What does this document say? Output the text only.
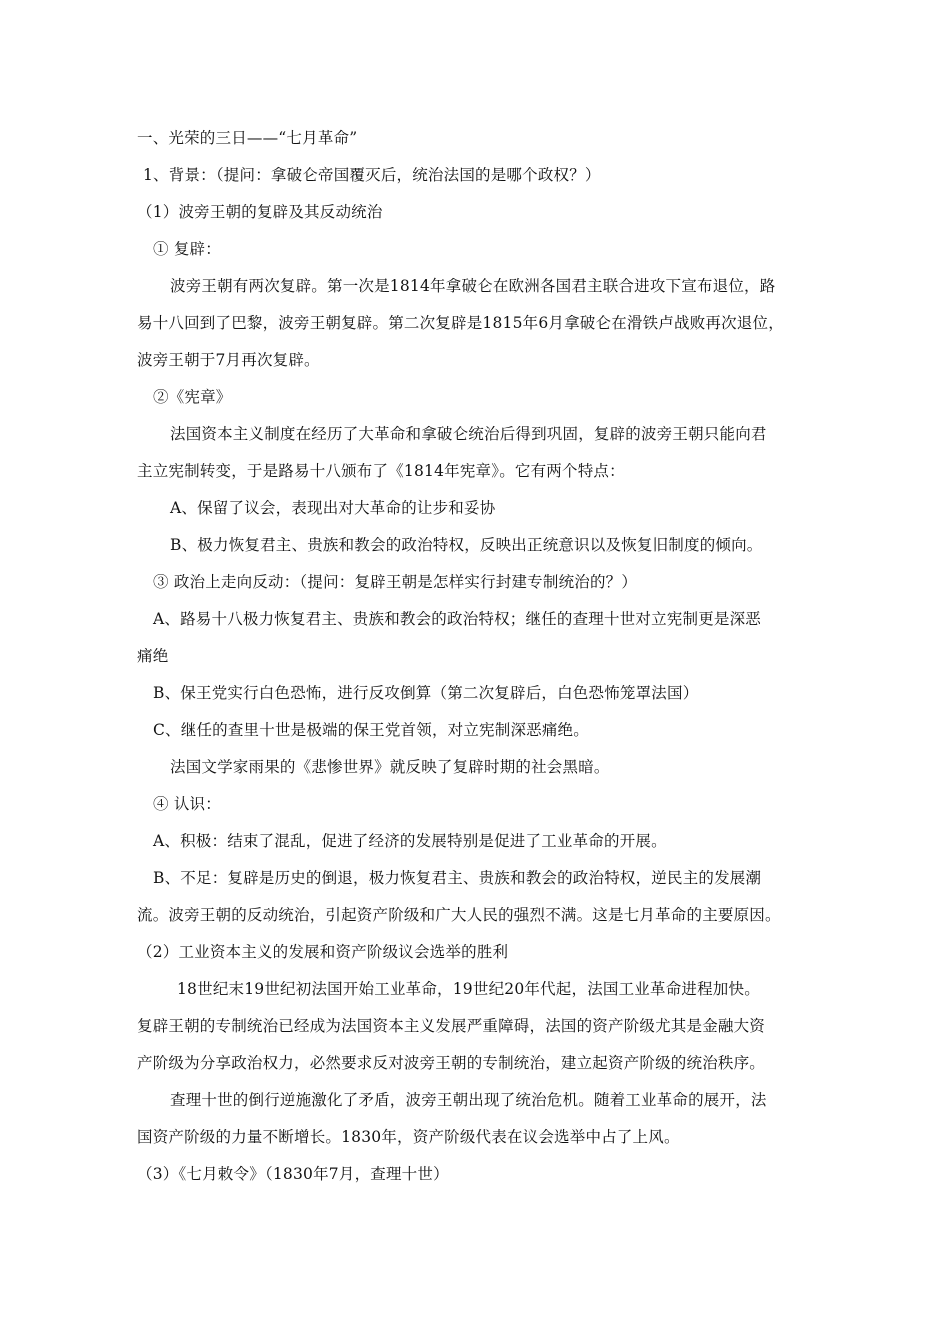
一、光荣的三日——“七月革命”
1、背景：（提问：拿破仑帝国覆灭后，统治法国的是哪个政权？）
（1）波旁王朝的复辟及其反动统治
① 复辟：
波旁王朝有两次复辟。第一次是1814年拿破仑在欧洲各国君主联合进攻下宣布退位，路
易十八回到了巴黎，波旁王朝复辟。第二次复辟是1815年6月拿破仑在滑铁卢战败再次退位，
波旁王朝于7月再次复辟。
②《宪章》
法国资本主义制度在经历了大革命和拿破仑统治后得到巩固，复辟的波旁王朝只能向君
主立宪制转变，于是路易十八颁布了《1814年宪章》。它有两个特点：
A、保留了议会，表现出对大革命的让步和妥协
B、极力恢复君主、贵族和教会的政治特权，反映出正统意识以及恢复旧制度的倾向。
③ 政治上走向反动：（提问：复辟王朝是怎样实行封建专制统治的？）
A、路易十八极力恢复君主、贵族和教会的政治特权；继任的查理十世对立宪制更是深恶
痛绝
B、保王党实行白色恐怖，进行反攻倒算（第二次复辟后，白色恐怖笼罩法国）
C、继任的查里十世是极端的保王党首领，对立宪制深恶痛绝。
法国文学家雨果的《悲惨世界》就反映了复辟时期的社会黑暗。
④ 认识：
A、积极：结束了混乱，促进了经济的发展特别是促进了工业革命的开展。
B、不足：复辟是历史的倒退，极力恢复君主、贵族和教会的政治特权，逆民主的发展潮
流。波旁王朝的反动统治，引起资产阶级和广大人民的强烈不满。这是七月革命的主要原因。
（2）工业资本主义的发展和资产阶级议会选举的胜利
18世纪末19世纪初法国开始工业革命，19世纪20年代起，法国工业革命进程加快。
复辟王朝的专制统治已经成为法国资本主义发展严重障碍，法国的资产阶级尤其是金融大资
产阶级为分享政治权力，必然要求反对波旁王朝的专制统治，建立起资产阶级的统治秩序。
查理十世的倒行逆施激化了矛盾，波旁王朝出现了统治危机。随着工业革命的展开，法
国资产阶级的力量不断增长。1830年，资产阶级代表在议会选举中占了上风。
（3）《七月敕令》（1830年7月，查理十世）
